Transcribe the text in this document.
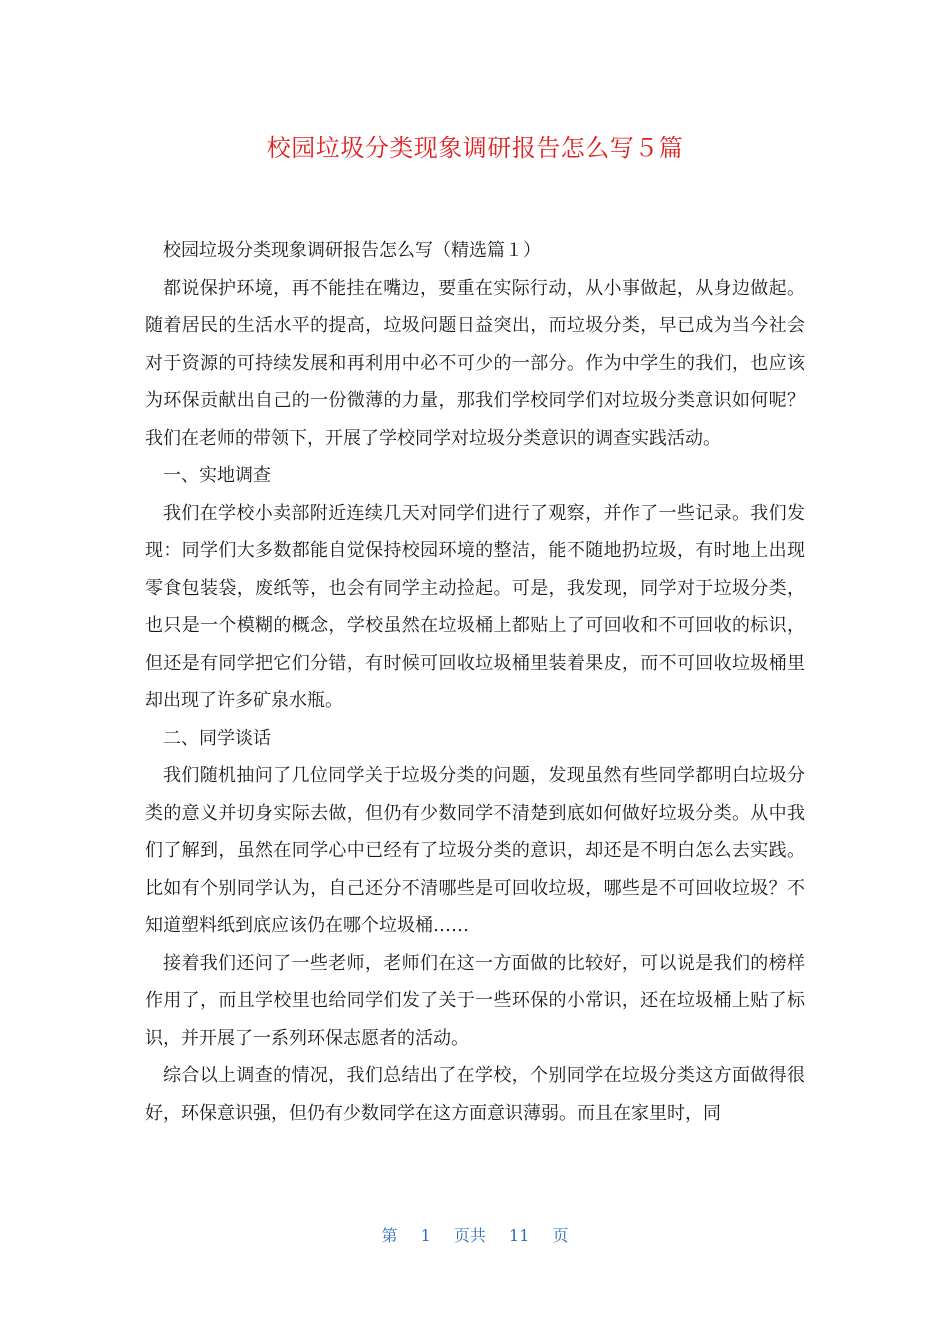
校园垃圾分类现象调研报告怎么写５篇

校园垃圾分类现象调研报告怎么写（精选篇１）

都说保护环境，再不能挂在嘴边，要重在实际行动，从小事做起，从身边做起。随着居民的生活水平的提高，垃圾问题日益突出，而垃圾分类，早已成为当今社会对于资源的可持续发展和再利用中必不可少的一部分。作为中学生的我们，也应该为环保贡献出自己的一份微薄的力量，那我们学校同学们对垃圾分类意识如何呢？我们在老师的带领下，开展了学校同学对垃圾分类意识的调查实践活动。

一、实地调查

我们在学校小卖部附近连续几天对同学们进行了观察，并作了一些记录。我们发现：同学们大多数都能自觉保持校园环境的整洁，能不随地扔垃圾，有时地上出现零食包装袋，废纸等，也会有同学主动捡起。可是，我发现，同学对于垃圾分类，也只是一个模糊的概念，学校虽然在垃圾桶上都贴上了可回收和不可回收的标识，但还是有同学把它们分错，有时候可回收垃圾桶里装着果皮，而不可回收垃圾桶里却出现了许多矿泉水瓶。

二、同学谈话

我们随机抽问了几位同学关于垃圾分类的问题，发现虽然有些同学都明白垃圾分类的意义并切身实际去做，但仍有少数同学不清楚到底如何做好垃圾分类。从中我们了解到，虽然在同学心中已经有了垃圾分类的意识，却还是不明白怎么去实践。比如有个别同学认为，自己还分不清哪些是可回收垃圾，哪些是不可回收垃圾？不知道塑料纸到底应该仍在哪个垃圾桶……

接着我们还问了一些老师，老师们在这一方面做的比较好，可以说是我们的榜样作用了，而且学校里也给同学们发了关于一些环保的小常识，还在垃圾桶上贴了标识，并开展了一系列环保志愿者的活动。

综合以上调查的情况，我们总结出了在学校，个别同学在垃圾分类这方面做得很好，环保意识强，但仍有少数同学在这方面意识薄弱。而且在家里时，同

第 1 页共 11 页
